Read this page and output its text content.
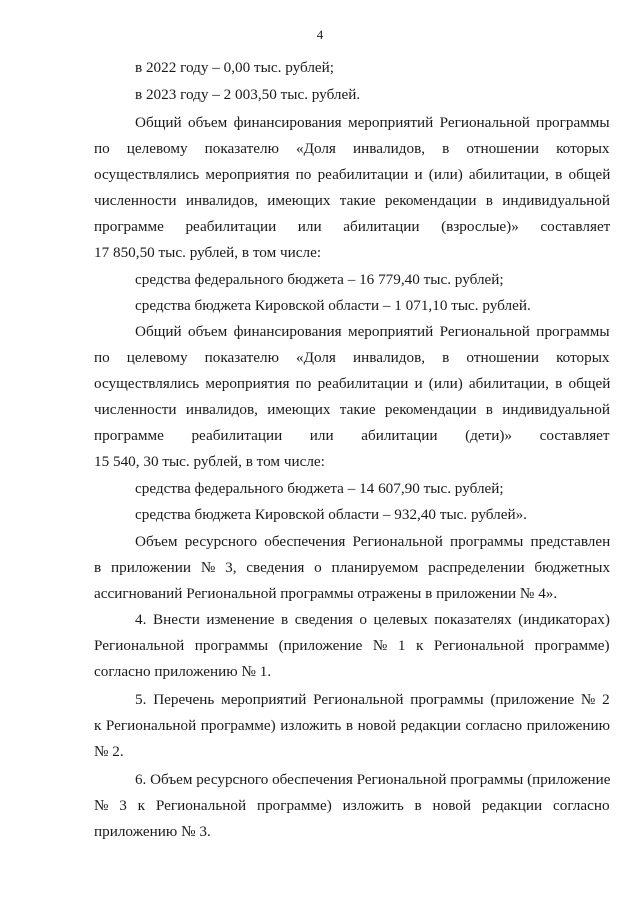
4
в 2022 году – 0,00 тыс. рублей;
в 2023 году – 2 003,50 тыс. рублей.
Общий объем финансирования мероприятий Региональной программы
по целевому показателю «Доля инвалидов, в отношении которых
осуществлялись мероприятия по реабилитации и (или) абилитации, в общей
численности инвалидов, имеющих такие рекомендации в индивидуальной
программе реабилитации или абилитации (взрослые)» составляет
17 850,50 тыс. рублей, в том числе:
средства федерального бюджета – 16 779,40 тыс. рублей;
средства бюджета Кировской области – 1 071,10 тыс. рублей.
Общий объем финансирования мероприятий Региональной программы
по целевому показателю «Доля инвалидов, в отношении которых
осуществлялись мероприятия по реабилитации и (или) абилитации, в общей
численности инвалидов, имеющих такие рекомендации в индивидуальной
программе реабилитации или абилитации (дети)» составляет
15 540, 30 тыс. рублей, в том числе:
средства федерального бюджета – 14 607,90 тыс. рублей;
средства бюджета Кировской области – 932,40 тыс. рублей».
Объем ресурсного обеспечения Региональной программы представлен
в приложении № 3, сведения о планируемом распределении бюджетных
ассигнований Региональной программы отражены в приложении № 4».
4. Внести изменение в сведения о целевых показателях (индикаторах)
Региональной программы (приложение № 1 к Региональной программе)
согласно приложению № 1.
5. Перечень мероприятий Региональной программы (приложение № 2
к Региональной программе) изложить в новой редакции согласно приложению
№ 2.
6. Объем ресурсного обеспечения Региональной программы (приложение
№ 3 к Региональной программе) изложить в новой редакции согласно
приложению № 3.
